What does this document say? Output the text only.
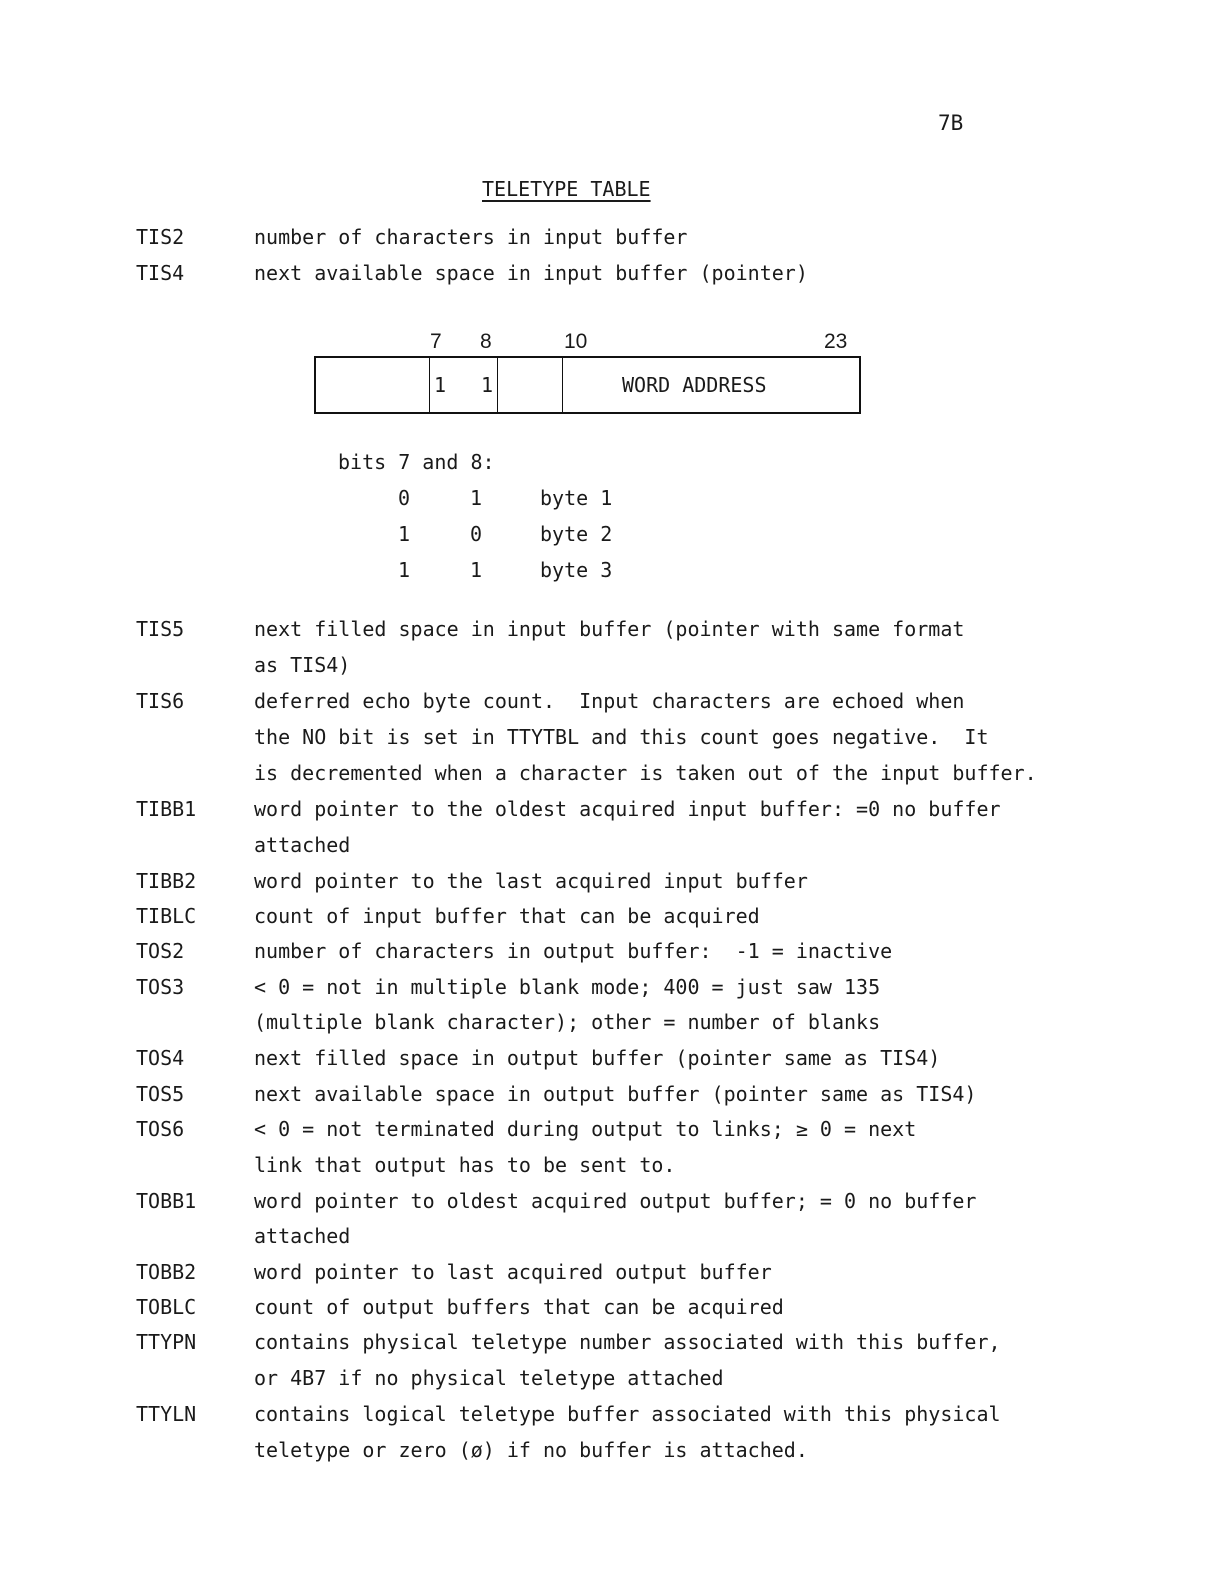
7B
TELETYPE TABLE
TIS2	number of characters in input buffer
TIS4	next available space in input buffer (pointer)
7 8	10	23
1 1	WORD ADDRESS
bits 7 and 8:
0	1	byte 1
1	0	byte 2
1	1	byte 3
TIS5	next filled space in input buffer (pointer with same format
as TIS4)
TIS6	deferred echo byte count.  Input characters are echoed when
the NO bit is set in TTYTBL and this count goes negative.  It
is decremented when a character is taken out of the input buffer.
TIBB1	word pointer to the oldest acquired input buffer: =0 no buffer
attached
TIBB2	word pointer to the last acquired input buffer
TIBLC	count of input buffer that can be acquired
TOS2	number of characters in output buffer:  -1 = inactive
TOS3	< 0 = not in multiple blank mode; 400 = just saw 135
(multiple blank character); other = number of blanks
TOS4	next filled space in output buffer (pointer same as TIS4)
TOS5	next available space in output buffer (pointer same as TIS4)
TOS6	< 0 = not terminated during output to links; ≥ 0 = next
link that output has to be sent to.
TOBB1	word pointer to oldest acquired output buffer; = 0 no buffer
attached
TOBB2	word pointer to last acquired output buffer
TOBLC	count of output buffers that can be acquired
TTYPN	contains physical teletype number associated with this buffer,
or 4B7 if no physical teletype attached
TTYLN	contains logical teletype buffer associated with this physical
teletype or zero (ø) if no buffer is attached.
